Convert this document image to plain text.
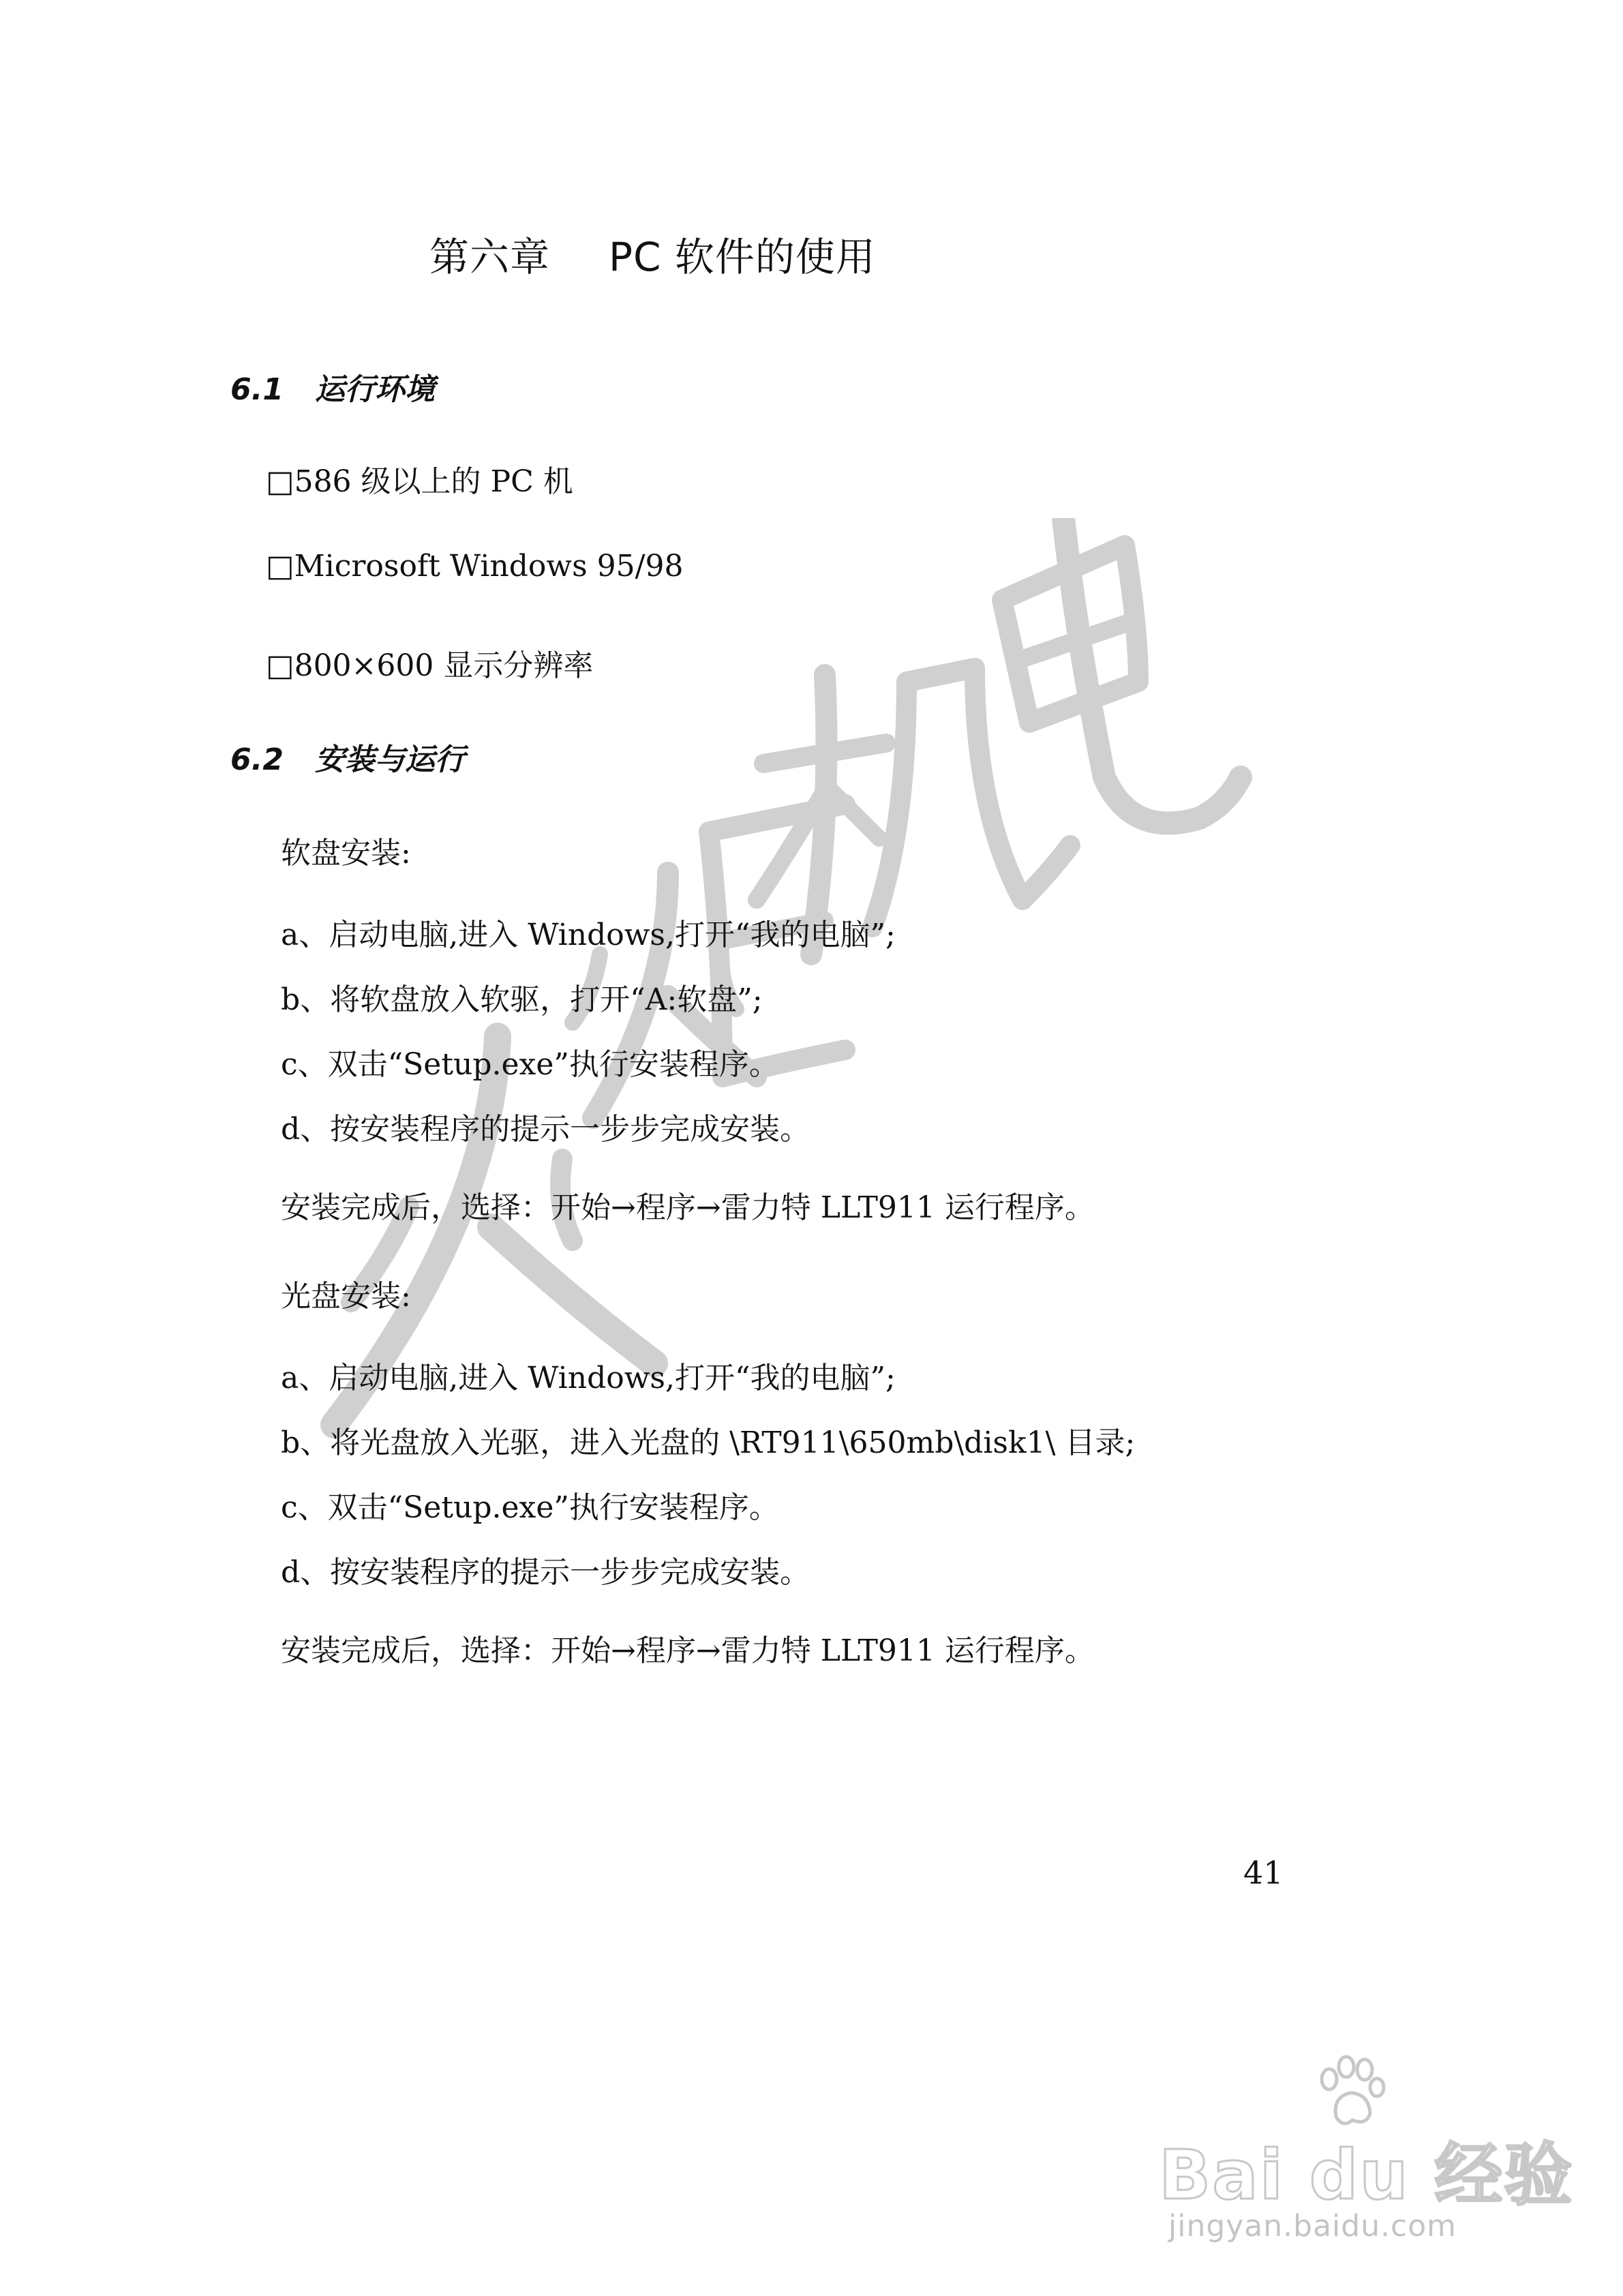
第六章 PC 软件的使用
6.1 运行环境
□586 级以上的 PC 机
□Microsoft Windows 95/98
□800×600 显示分辨率
6.2 安装与运行
软盘安装:
a、启动电脑,进入 Windows,打开“我的电脑”;
b、将软盘放入软驱，打开“A:软盘”;
c、双击“Setup.exe”执行安装程序。
d、按安装程序的提示一步步完成安装。
安装完成后，选择：开始→程序→雷力特 LLT911 运行程序。
光盘安装:
a、启动电脑,进入 Windows,打开“我的电脑”;
b、将光盘放入光驱，进入光盘的 \RT911\650mb\disk1\ 目录;
c、双击“Setup.exe”执行安装程序。
d、按安装程序的提示一步步完成安装。
安装完成后，选择：开始→程序→雷力特 LLT911 运行程序。
41
Bai du 经验
jingyan.baidu.com
